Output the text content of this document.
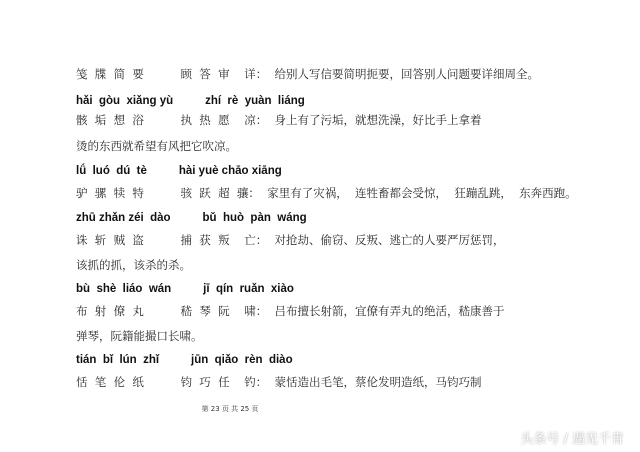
笺  牒  简  要          顾  答  审    详：  给别人写信要简明扼要，回答别人问题要详细周全。
hǎi  gòu  xiǎng yù          zhí  rè  yuàn  liáng
骸  垢  想  浴          执  热  愿    凉：  身上有了污垢，就想洗澡，好比手上拿着
烫的东西就希望有风把它吹凉。
lǘ  luó  dú  tè          hài yuè chāo xiāng
驴  骡  犊  特          骇  跃  超  骧：  家里有了灾祸，  连牲畜都会受惊，  狂蹦乱跳，  东奔西跑。
zhū zhǎn zéi  dào          bǔ  huò  pàn  wáng
诛  斩  贼  盗          捕  获  叛    亡：  对抢劫、偷窃、反叛、逃亡的人要严厉惩罚，
该抓的抓，该杀的杀。
bù  shè  liáo  wán          jī  qín  ruǎn  xiào
布  射  僚  丸          嵇  琴  阮    啸：  吕布擅长射箭，宜僚有弄丸的绝活，嵇康善于
弹琴，阮籍能撮口长啸。
tián  bǐ  lún  zhǐ          jūn  qiǎo  rèn  diào
恬  笔  伦  纸          钧  巧  任    钓：  蒙恬造出毛笔，蔡伦发明造纸，马钧巧制
第 23 页 共 25 页
头条号 / 遇见千青
